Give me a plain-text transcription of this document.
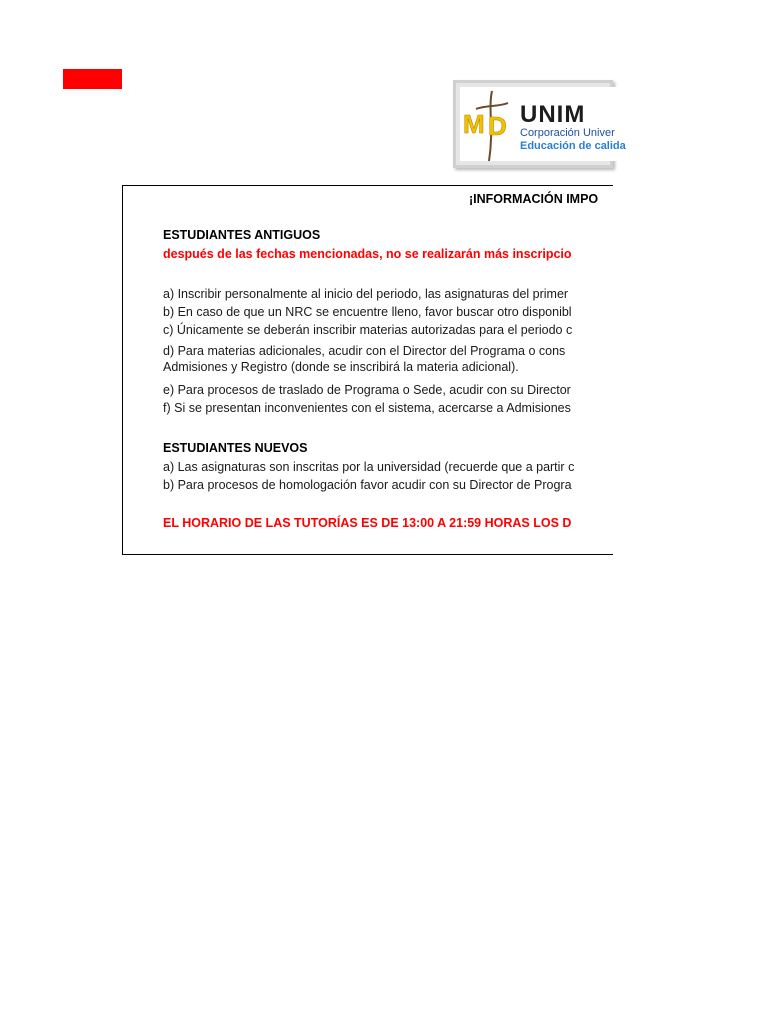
M D UNIM
Corporación Univer
Educación de calida
¡INFORMACIÓN IMPO
ESTUDIANTES ANTIGUOS
después de las fechas mencionadas, no se realizarán más inscripcio
a) Inscribir personalmente al inicio del periodo, las asignaturas del primer
b) En caso de que un NRC se encuentre lleno, favor buscar otro disponibl
c) Únicamente se deberán inscribir materias autorizadas para el periodo c
d) Para materias adicionales, acudir con el Director del Programa o cons
Admisiones y Registro (donde se inscribirá la materia adicional).
e) Para procesos de traslado de Programa o Sede, acudir con su Director
f) Si se presentan inconvenientes con el sistema, acercarse a Admisiones
ESTUDIANTES NUEVOS
a) Las asignaturas son inscritas por la universidad (recuerde que a partir c
b) Para procesos de homologación favor acudir con su Director de Progra
EL HORARIO DE LAS TUTORÍAS ES DE 13:00 A 21:59 HORAS LOS D
